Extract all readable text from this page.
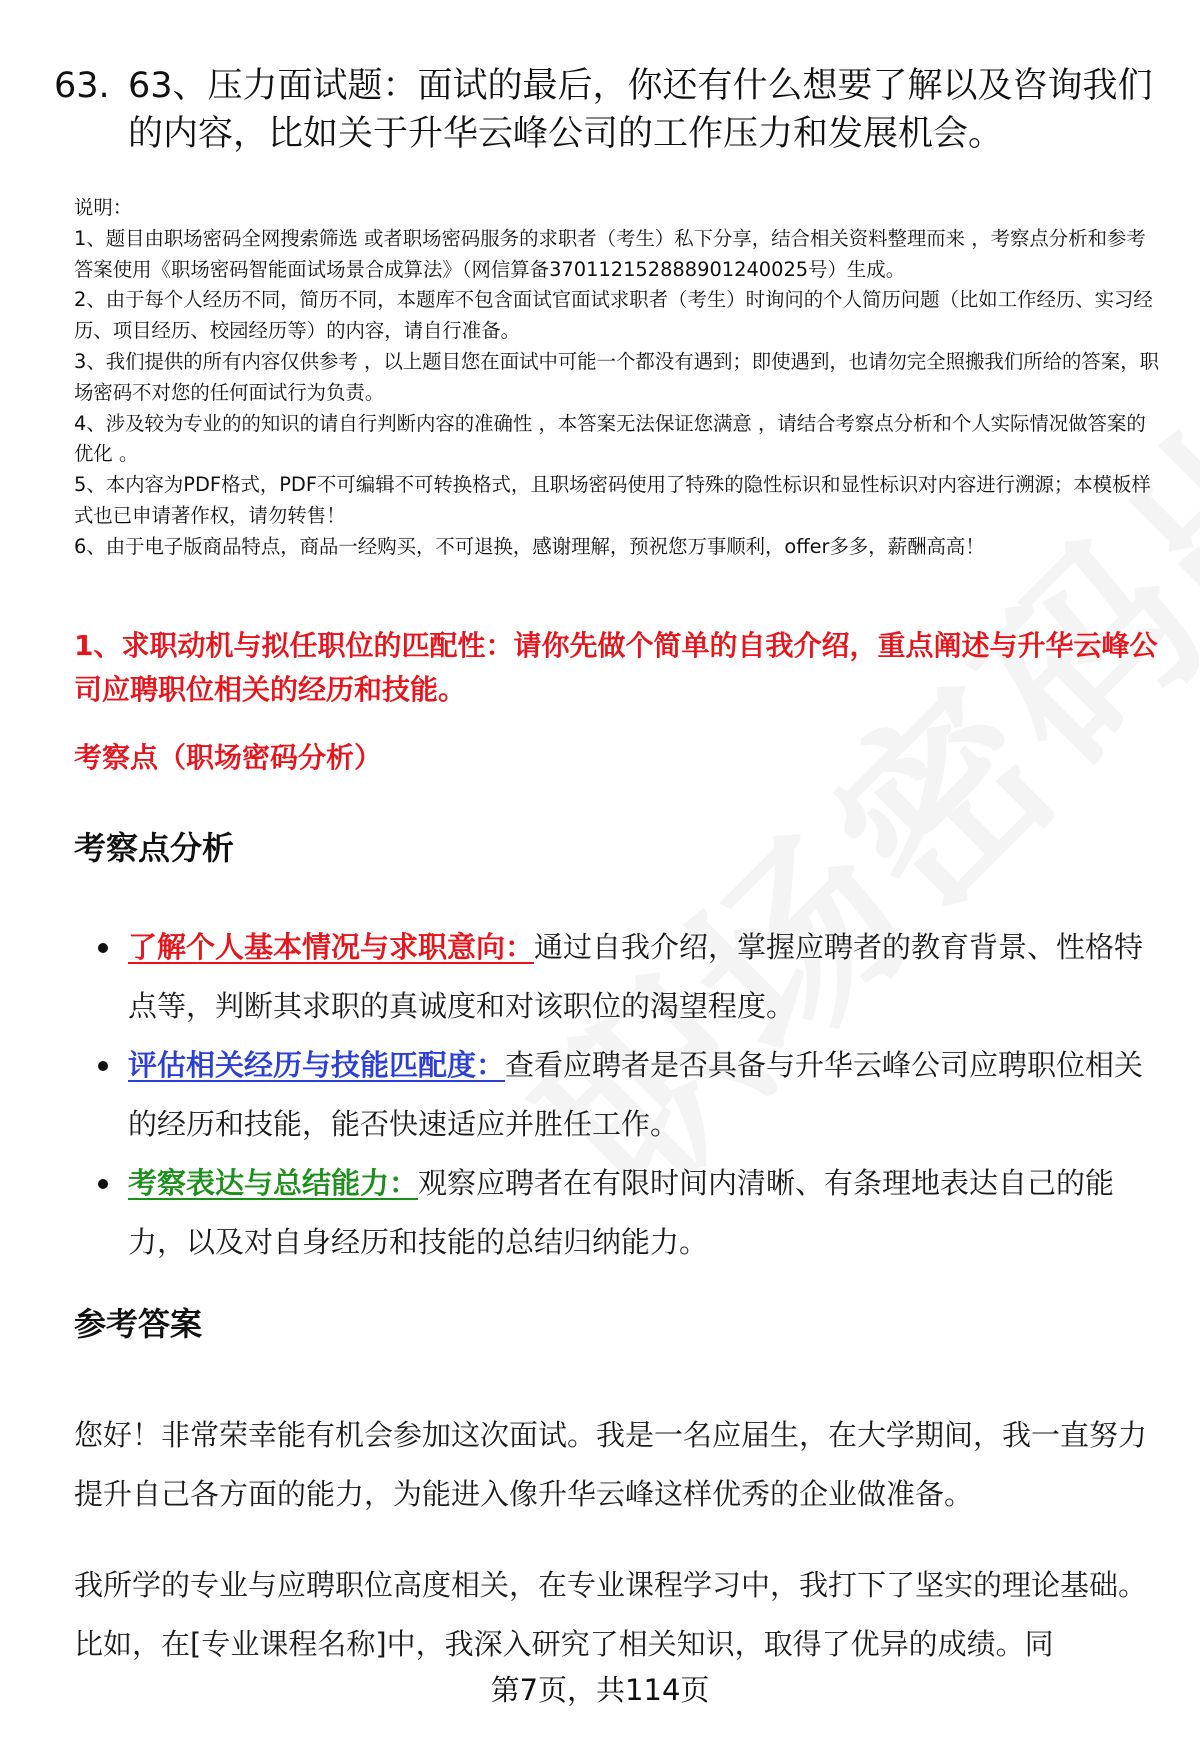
63. 63、压力面试题：面试的最后，你还有什么想要了解以及咨询我们的内容，比如关于升华云峰公司的工作压力和发展机会。

说明：

1、题目由职场密码全网搜索筛选 或者职场密码服务的求职者（考生）私下分享，结合相关资料整理而来 ，考察点分析和参考答案使用《职场密码智能面试场景合成算法》（网信算备370112152888901240025号）生成。

2、由于每个人经历不同，简历不同，本题库不包含面试官面试求职者（考生）时询问的个人简历问题（比如工作经历、实习经历、项目经历、校园经历等）的内容，请自行准备。

3、我们提供的所有内容仅供参考 ，以上题目您在面试中可能一个都没有遇到；即使遇到，也请勿完全照搬我们所给的答案，职场密码不对您的任何面试行为负责。

4、涉及较为专业的的知识的请自行判断内容的准确性 ，本答案无法保证您满意 ，请结合考察点分析和个人实际情况做答案的优化 。

5、本内容为PDF格式，PDF不可编辑不可转换格式，且职场密码使用了特殊的隐性标识和显性标识对内容进行溯源；本模板样式也已申请著作权，请勿转售！

6、由于电子版商品特点，商品一经购买，不可退换，感谢理解，预祝您万事顺利，offer多多，薪酬高高！

1、求职动机与拟任职位的匹配性：请你先做个简单的自我介绍，重点阐述与升华云峰公司应聘职位相关的经历和技能。
考察点（职场密码分析）
考察点分析
了解个人基本情况与求职意向：通过自我介绍，掌握应聘者的教育背景、性格特点等，判断其求职的真诚度和对该职位的渴望程度。
评估相关经历与技能匹配度：查看应聘者是否具备与升华云峰公司应聘职位相关的经历和技能，能否快速适应并胜任工作。
考察表达与总结能力：观察应聘者在有限时间内清晰、有条理地表达自己的能力，以及对自身经历和技能的总结归纳能力。
参考答案

您好！非常荣幸能有机会参加这次面试。我是一名应届生，在大学期间，我一直努力提升自己各方面的能力，为能进入像升华云峰这样优秀的企业做准备。

我所学的专业与应聘职位高度相关，在专业课程学习中，我打下了坚实的理论基础。比如，在[专业课程名称]中，我深入研究了相关知识，取得了优异的成绩。同

第7页，共114页
